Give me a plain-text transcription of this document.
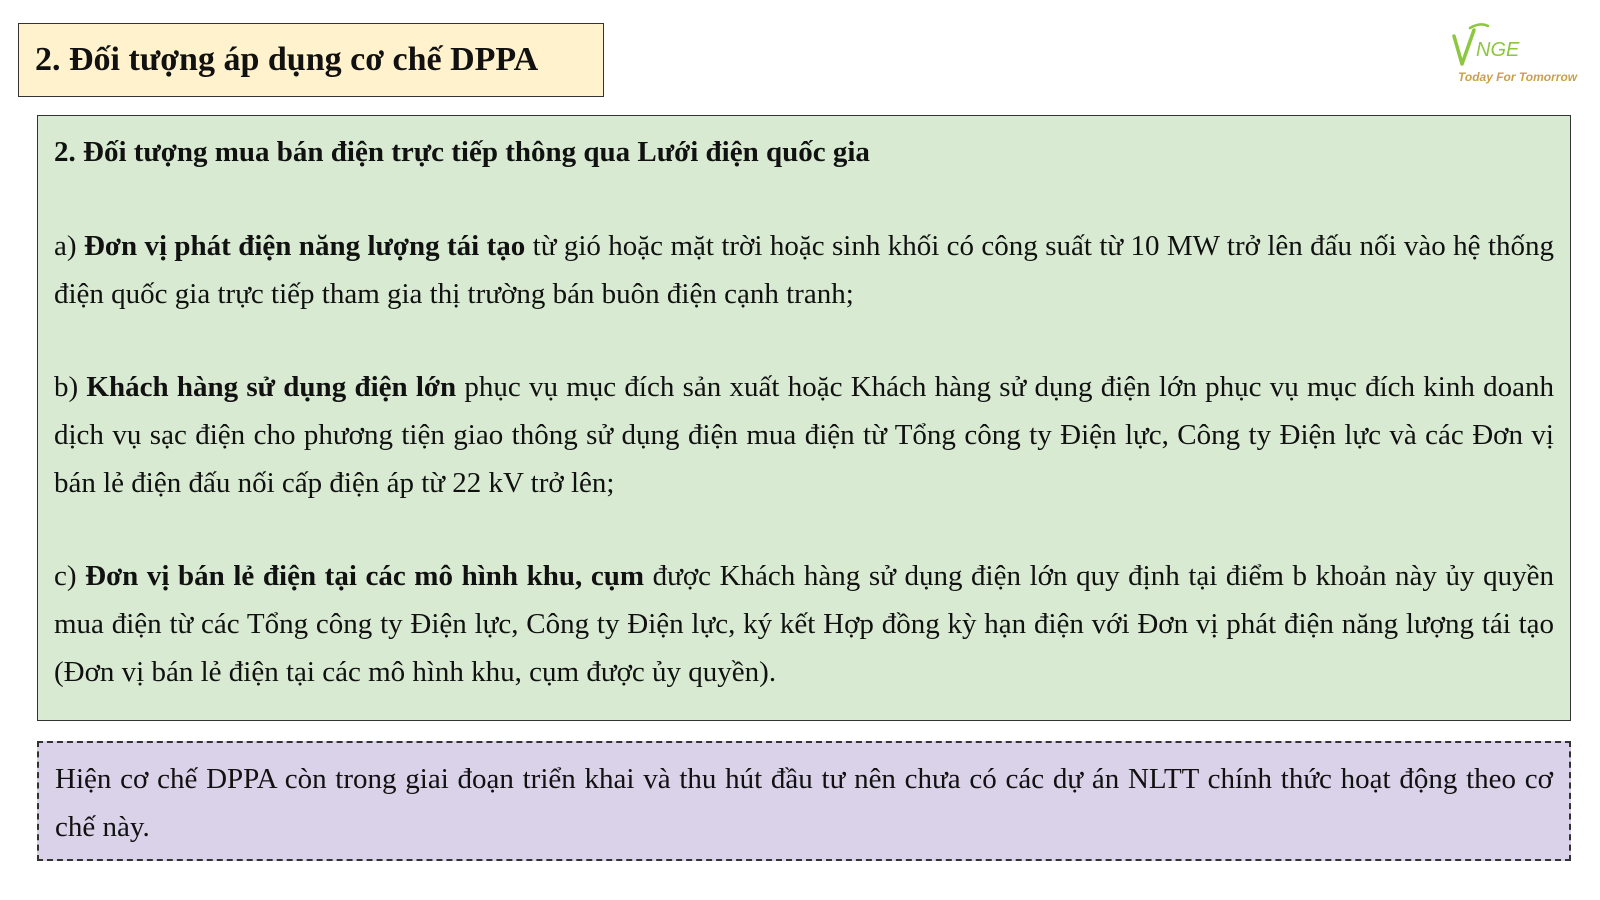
2. Đối tượng áp dụng cơ chế DPPA	NGE
Today For Tomorrow

2. Đối tượng mua bán điện trực tiếp thông qua Lưới điện quốc gia

a) Đơn vị phát điện năng lượng tái tạo từ gió hoặc mặt trời hoặc sinh khối có công suất từ 10 MW trở lên đấu nối vào hệ thống điện quốc gia trực tiếp tham gia thị trường bán buôn điện cạnh tranh;

b) Khách hàng sử dụng điện lớn phục vụ mục đích sản xuất hoặc Khách hàng sử dụng điện lớn phục vụ mục đích kinh doanh dịch vụ sạc điện cho phương tiện giao thông sử dụng điện mua điện từ Tổng công ty Điện lực, Công ty Điện lực và các Đơn vị bán lẻ điện đấu nối cấp điện áp từ 22 kV trở lên;

c) Đơn vị bán lẻ điện tại các mô hình khu, cụm được Khách hàng sử dụng điện lớn quy định tại điểm b khoản này ủy quyền mua điện từ các Tổng công ty Điện lực, Công ty Điện lực, ký kết Hợp đồng kỳ hạn điện với Đơn vị phát điện năng lượng tái tạo (Đơn vị bán lẻ điện tại các mô hình khu, cụm được ủy quyền).

Hiện cơ chế DPPA còn trong giai đoạn triển khai và thu hút đầu tư nên chưa có các dự án NLTT chính thức hoạt động theo cơ chế này.
